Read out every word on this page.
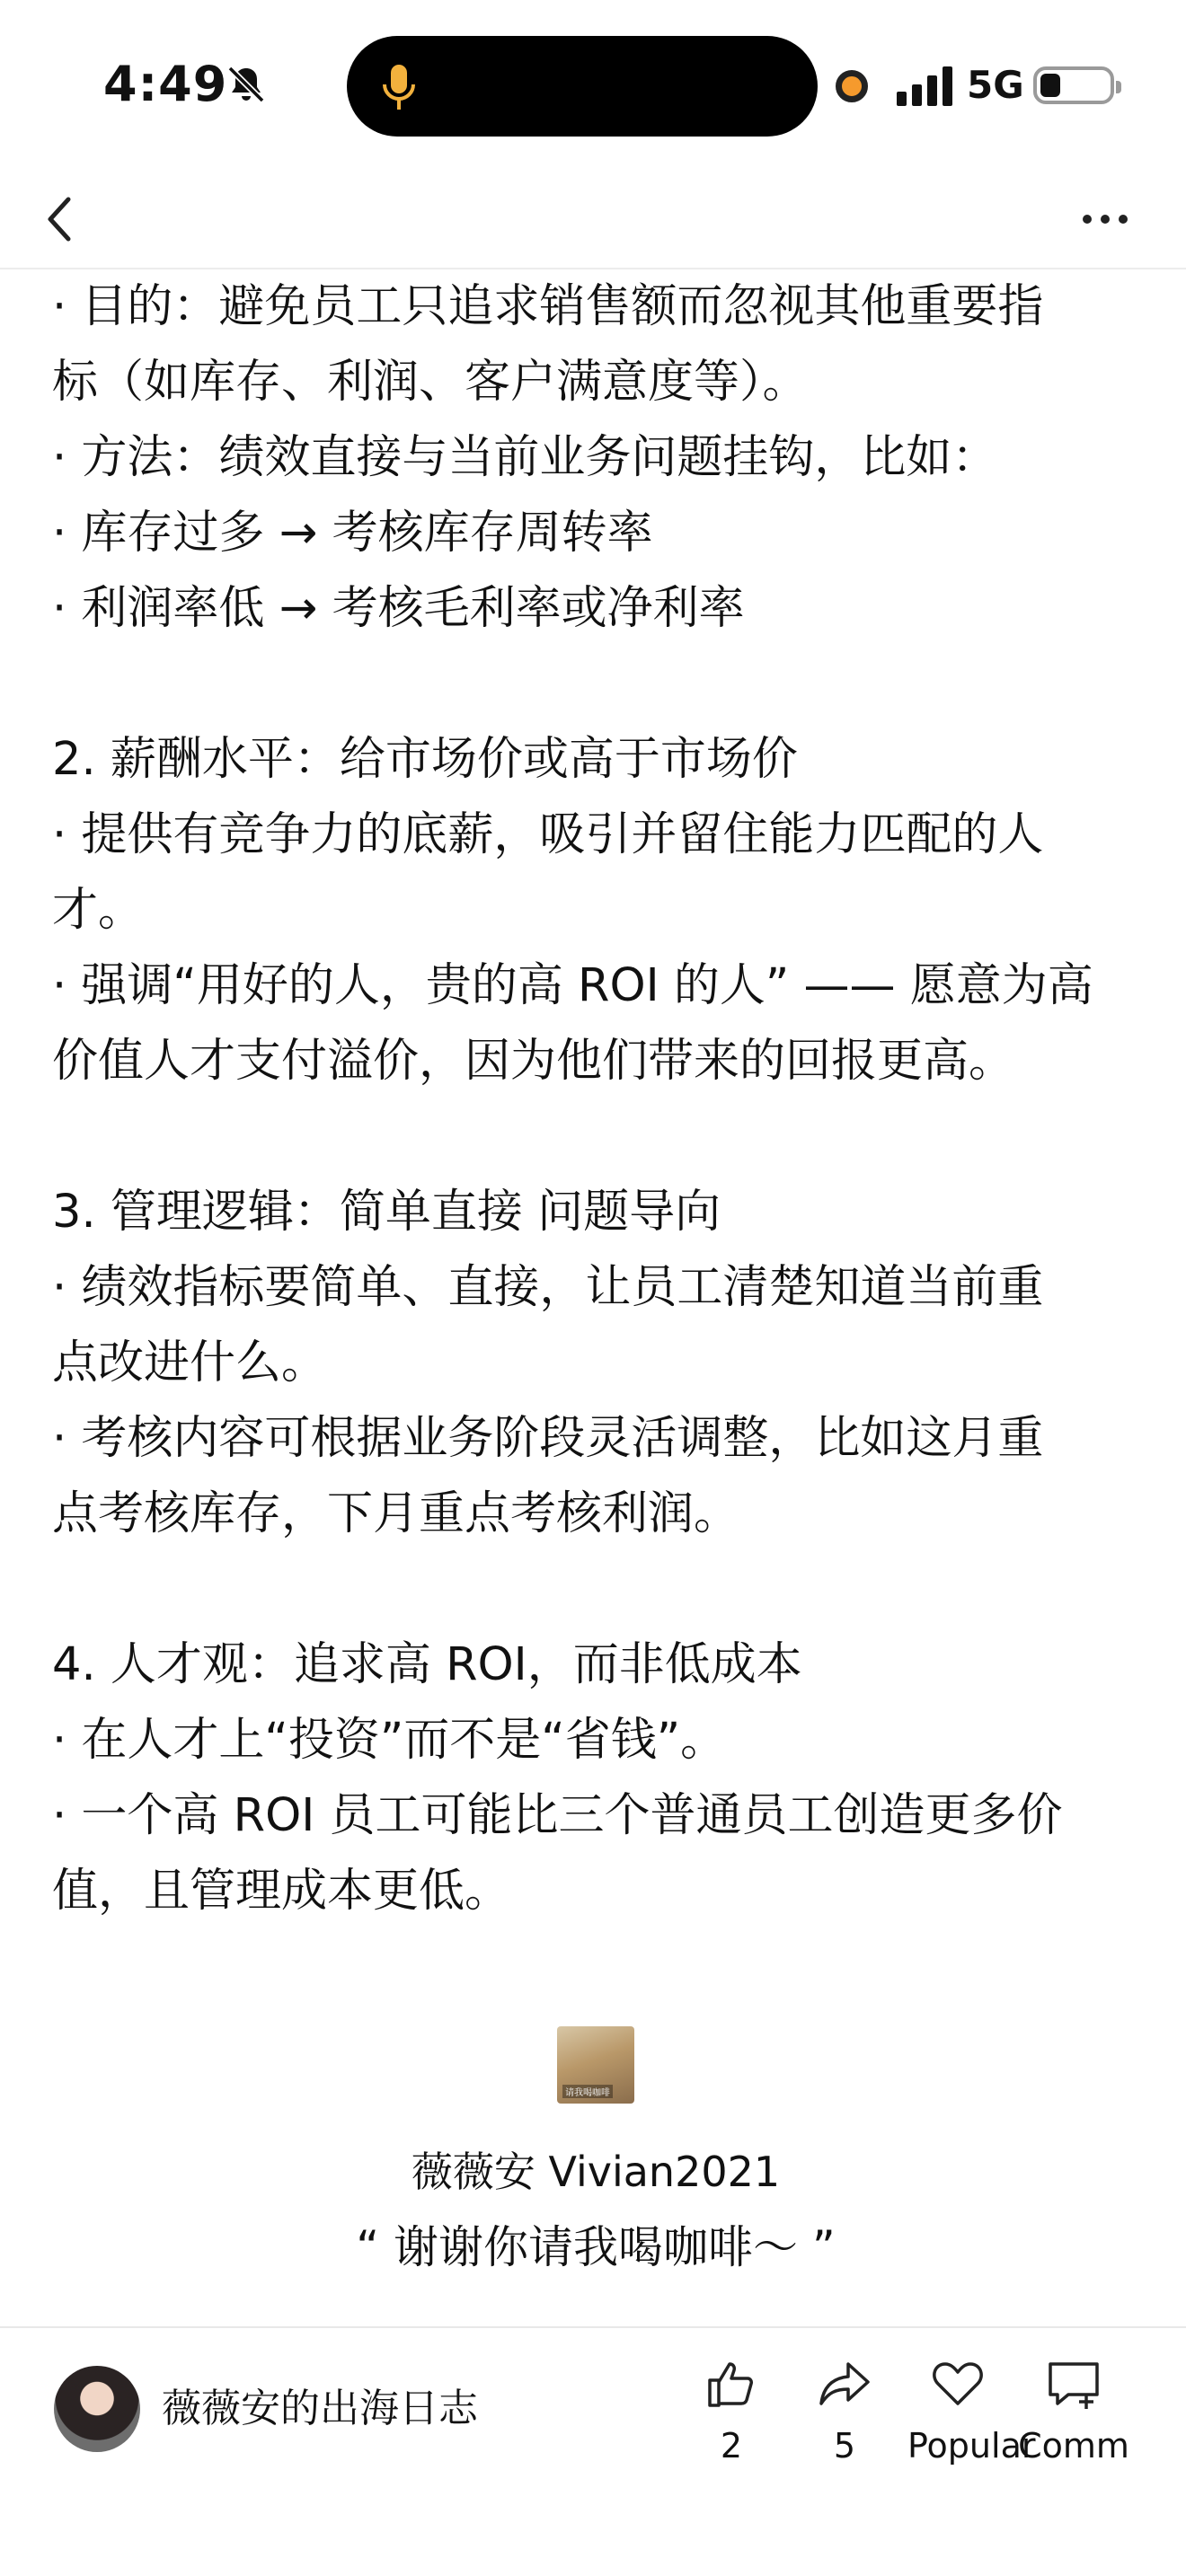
4:49	5G
· 目的：避免员工只追求销售额而忽视其他重要指
标（如库存、利润、客户满意度等）。
· 方法：绩效直接与当前业务问题挂钩，比如：
· 库存过多 → 考核库存周转率
· 利润率低 → 考核毛利率或净利率
2. 薪酬水平：给市场价或高于市场价
· 提供有竞争力的底薪，吸引并留住能力匹配的人
才。
· 强调“用好的人，贵的高 ROI 的人” —— 愿意为高
价值人才支付溢价，因为他们带来的回报更高。
3. 管理逻辑：简单直接 问题导向
· 绩效指标要简单、直接，让员工清楚知道当前重
点改进什么。
· 考核内容可根据业务阶段灵活调整，比如这月重
点考核库存，下月重点考核利润。
4. 人才观：追求高 ROI，而非低成本
· 在人才上“投资”而不是“省钱”。
· 一个高 ROI 员工可能比三个普通员工创造更多价
值，且管理成本更低。
请我喝咖啡
薇薇安 Vivian2021
“ 谢谢你请我喝咖啡～ ”
薇薇安的出海日志
2	5	Popular
Comm
